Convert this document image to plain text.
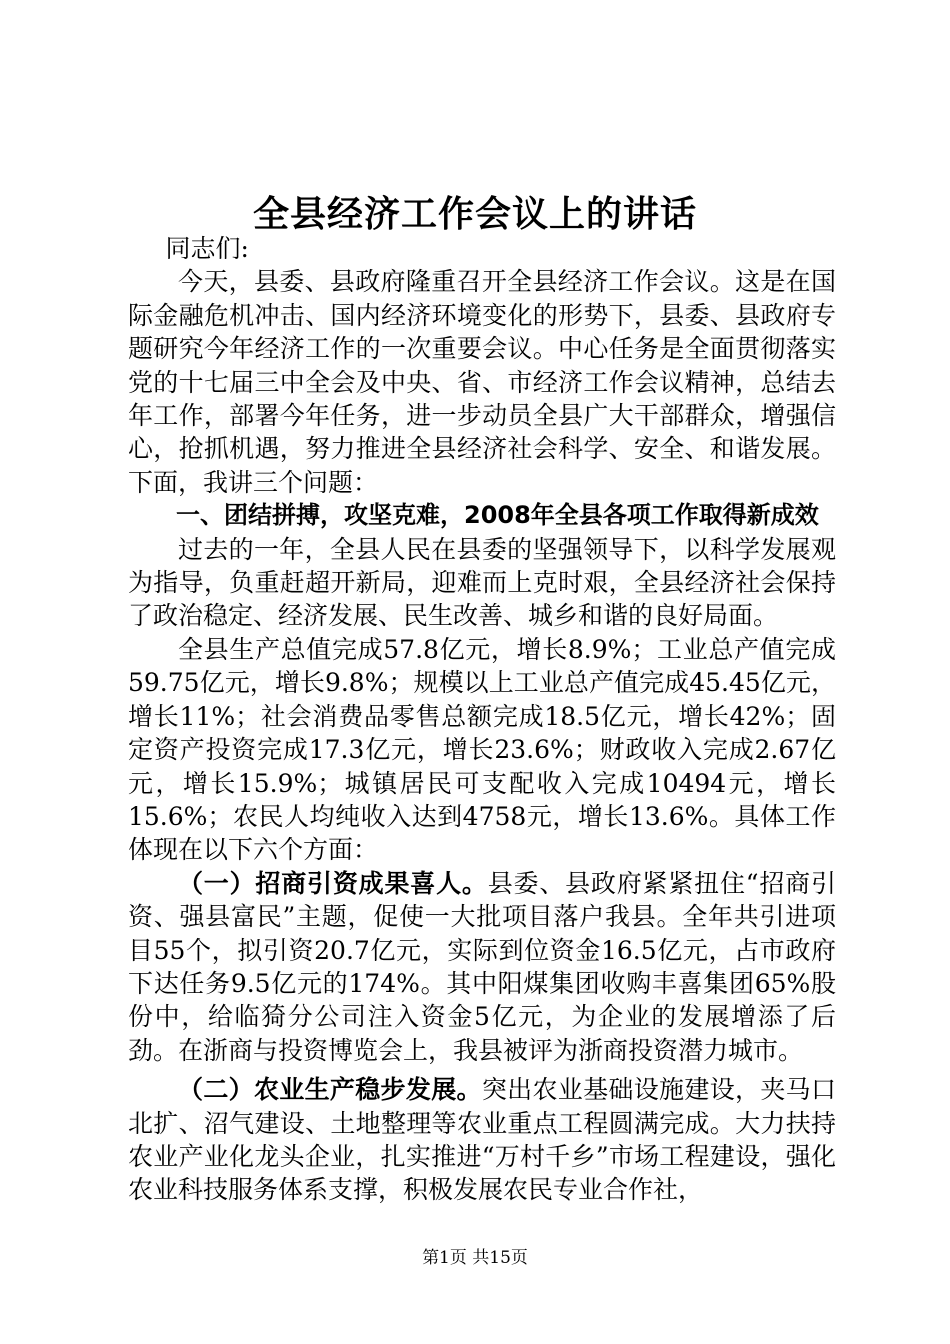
全县经济工作会议上的讲话

同志们:

今天，县委、县政府隆重召开全县经济工作会议。这是在国际金融危机冲击、国内经济环境变化的形势下，县委、县政府专题研究今年经济工作的一次重要会议。中心任务是全面贯彻落实党的十七届三中全会及中央、省、市经济工作会议精神，总结去年工作，部署今年任务，进一步动员全县广大干部群众，增强信心，抢抓机遇，努力推进全县经济社会科学、安全、和谐发展。下面，我讲三个问题：

一、团结拼搏，攻坚克难，2008年全县各项工作取得新成效

过去的一年，全县人民在县委的坚强领导下，以科学发展观为指导，负重赶超开新局，迎难而上克时艰，全县经济社会保持了政治稳定、经济发展、民生改善、城乡和谐的良好局面。

全县生产总值完成57.8亿元，增长8.9%；工业总产值完成59.75亿元，增长9.8%；规模以上工业总产值完成45.45亿元，增长11%；社会消费品零售总额完成18.5亿元，增长42%；固定资产投资完成17.3亿元，增长23.6%；财政收入完成2.67亿元，增长15.9%；城镇居民可支配收入完成10494元，增长15.6%；农民人均纯收入达到4758元，增长13.6%。具体工作体现在以下六个方面：

（一）招商引资成果喜人。县委、县政府紧紧扭住“招商引资、强县富民”主题，促使一大批项目落户我县。全年共引进项目55个，拟引资20.7亿元，实际到位资金16.5亿元，占市政府下达任务9.5亿元的174%。其中阳煤集团收购丰喜集团65%股份中，给临猗分公司注入资金5亿元，为企业的发展增添了后劲。在浙商与投资博览会上，我县被评为浙商投资潜力城市。

（二）农业生产稳步发展。突出农业基础设施建设，夹马口北扩、沼气建设、土地整理等农业重点工程圆满完成。大力扶持农业产业化龙头企业，扎实推进“万村千乡”市场工程建设，强化农业科技服务体系支撑，积极发展农民专业合作社，

第1页 共15页
